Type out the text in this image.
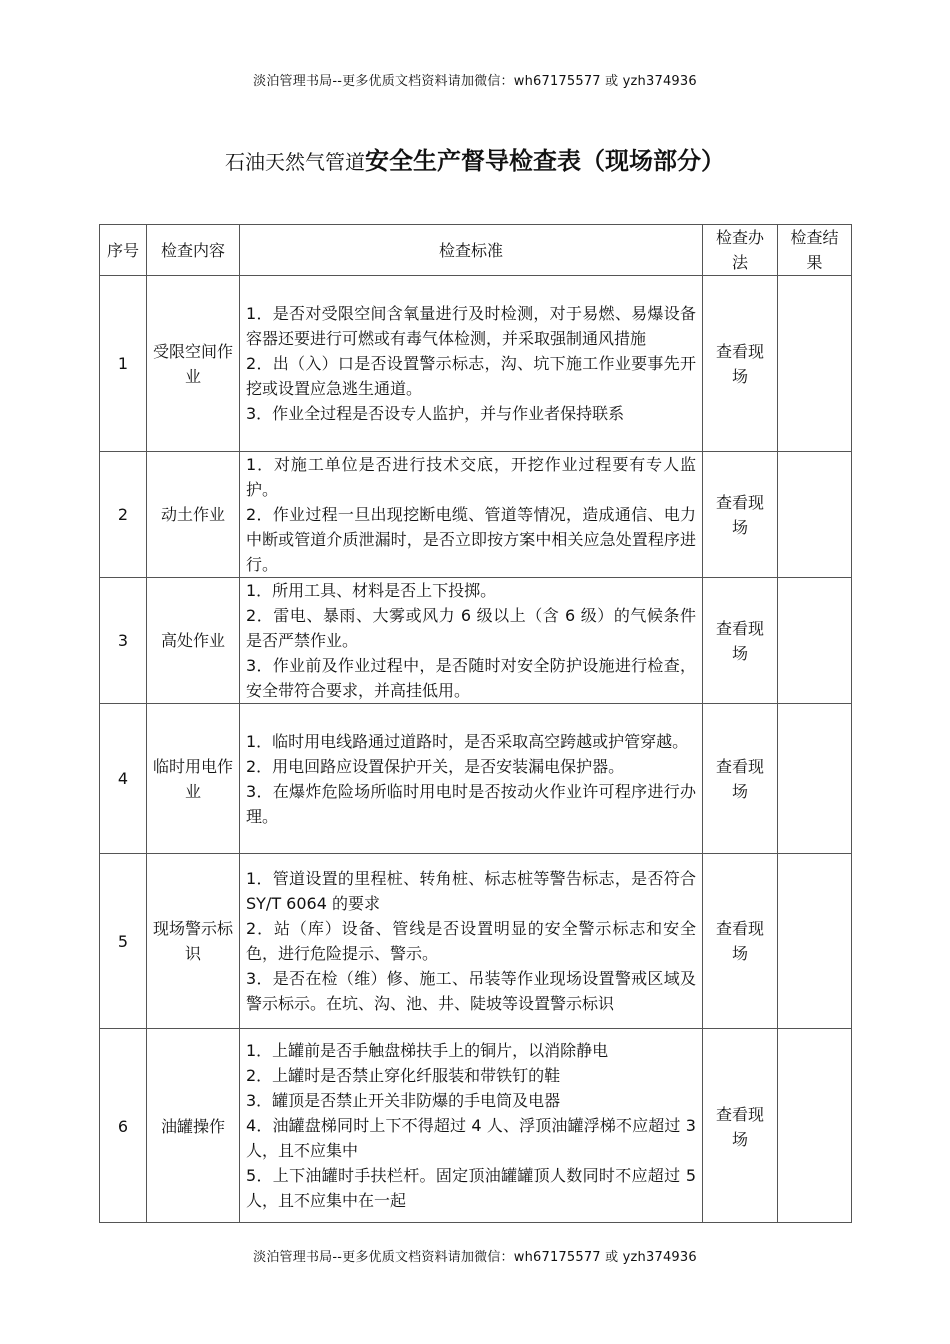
淡泊管理书局--更多优质文档资料请加微信：wh67175577 或 yzh374936
石油天然气管道安全生产督导检查表（现场部分）
序号	检查内容	检查标准	检查办法	检查结果
1	受限空间作业	1．是否对受限空间含氧量进行及时检测，对于易燃、易爆设备容器还要进行可燃或有毒气体检测，并采取强制通风措施
2．出（入）口是否设置警示标志，沟、坑下施工作业要事先开挖或设置应急逃生通道。
3．作业全过程是否设专人监护，并与作业者保持联系	查看现场	
2	动土作业	1．对施工单位是否进行技术交底，开挖作业过程要有专人监护。
2．作业过程一旦出现挖断电缆、管道等情况，造成通信、电力中断或管道介质泄漏时，是否立即按方案中相关应急处置程序进行。	查看现场	
3	高处作业	1．所用工具、材料是否上下投掷。
2．雷电、暴雨、大雾或风力 6 级以上（含 6 级）的气候条件是否严禁作业。
3．作业前及作业过程中，是否随时对安全防护设施进行检查，安全带符合要求，并高挂低用。	查看现场	
4	临时用电作业	1．临时用电线路通过道路时，是否采取高空跨越或护管穿越。
2．用电回路应设置保护开关，是否安装漏电保护器。
3．在爆炸危险场所临时用电时是否按动火作业许可程序进行办理。	查看现场	
5	现场警示标识	1．管道设置的里程桩、转角桩、标志桩等警告标志，是否符合 SY/T 6064 的要求
2．站（库）设备、管线是否设置明显的安全警示标志和安全色，进行危险提示、警示。
3．是否在检（维）修、施工、吊装等作业现场设置警戒区域及警示标示。在坑、沟、池、井、陡坡等设置警示标识	查看现场	
6	油罐操作	1．上罐前是否手触盘梯扶手上的铜片，以消除静电
2．上罐时是否禁止穿化纤服装和带铁钉的鞋
3．罐顶是否禁止开关非防爆的手电筒及电器
4．油罐盘梯同时上下不得超过 4 人、浮顶油罐浮梯不应超过 3 人，且不应集中
5．上下油罐时手扶栏杆。固定顶油罐罐顶人数同时不应超过 5 人，且不应集中在一起	查看现场	
淡泊管理书局--更多优质文档资料请加微信：wh67175577 或 yzh374936
